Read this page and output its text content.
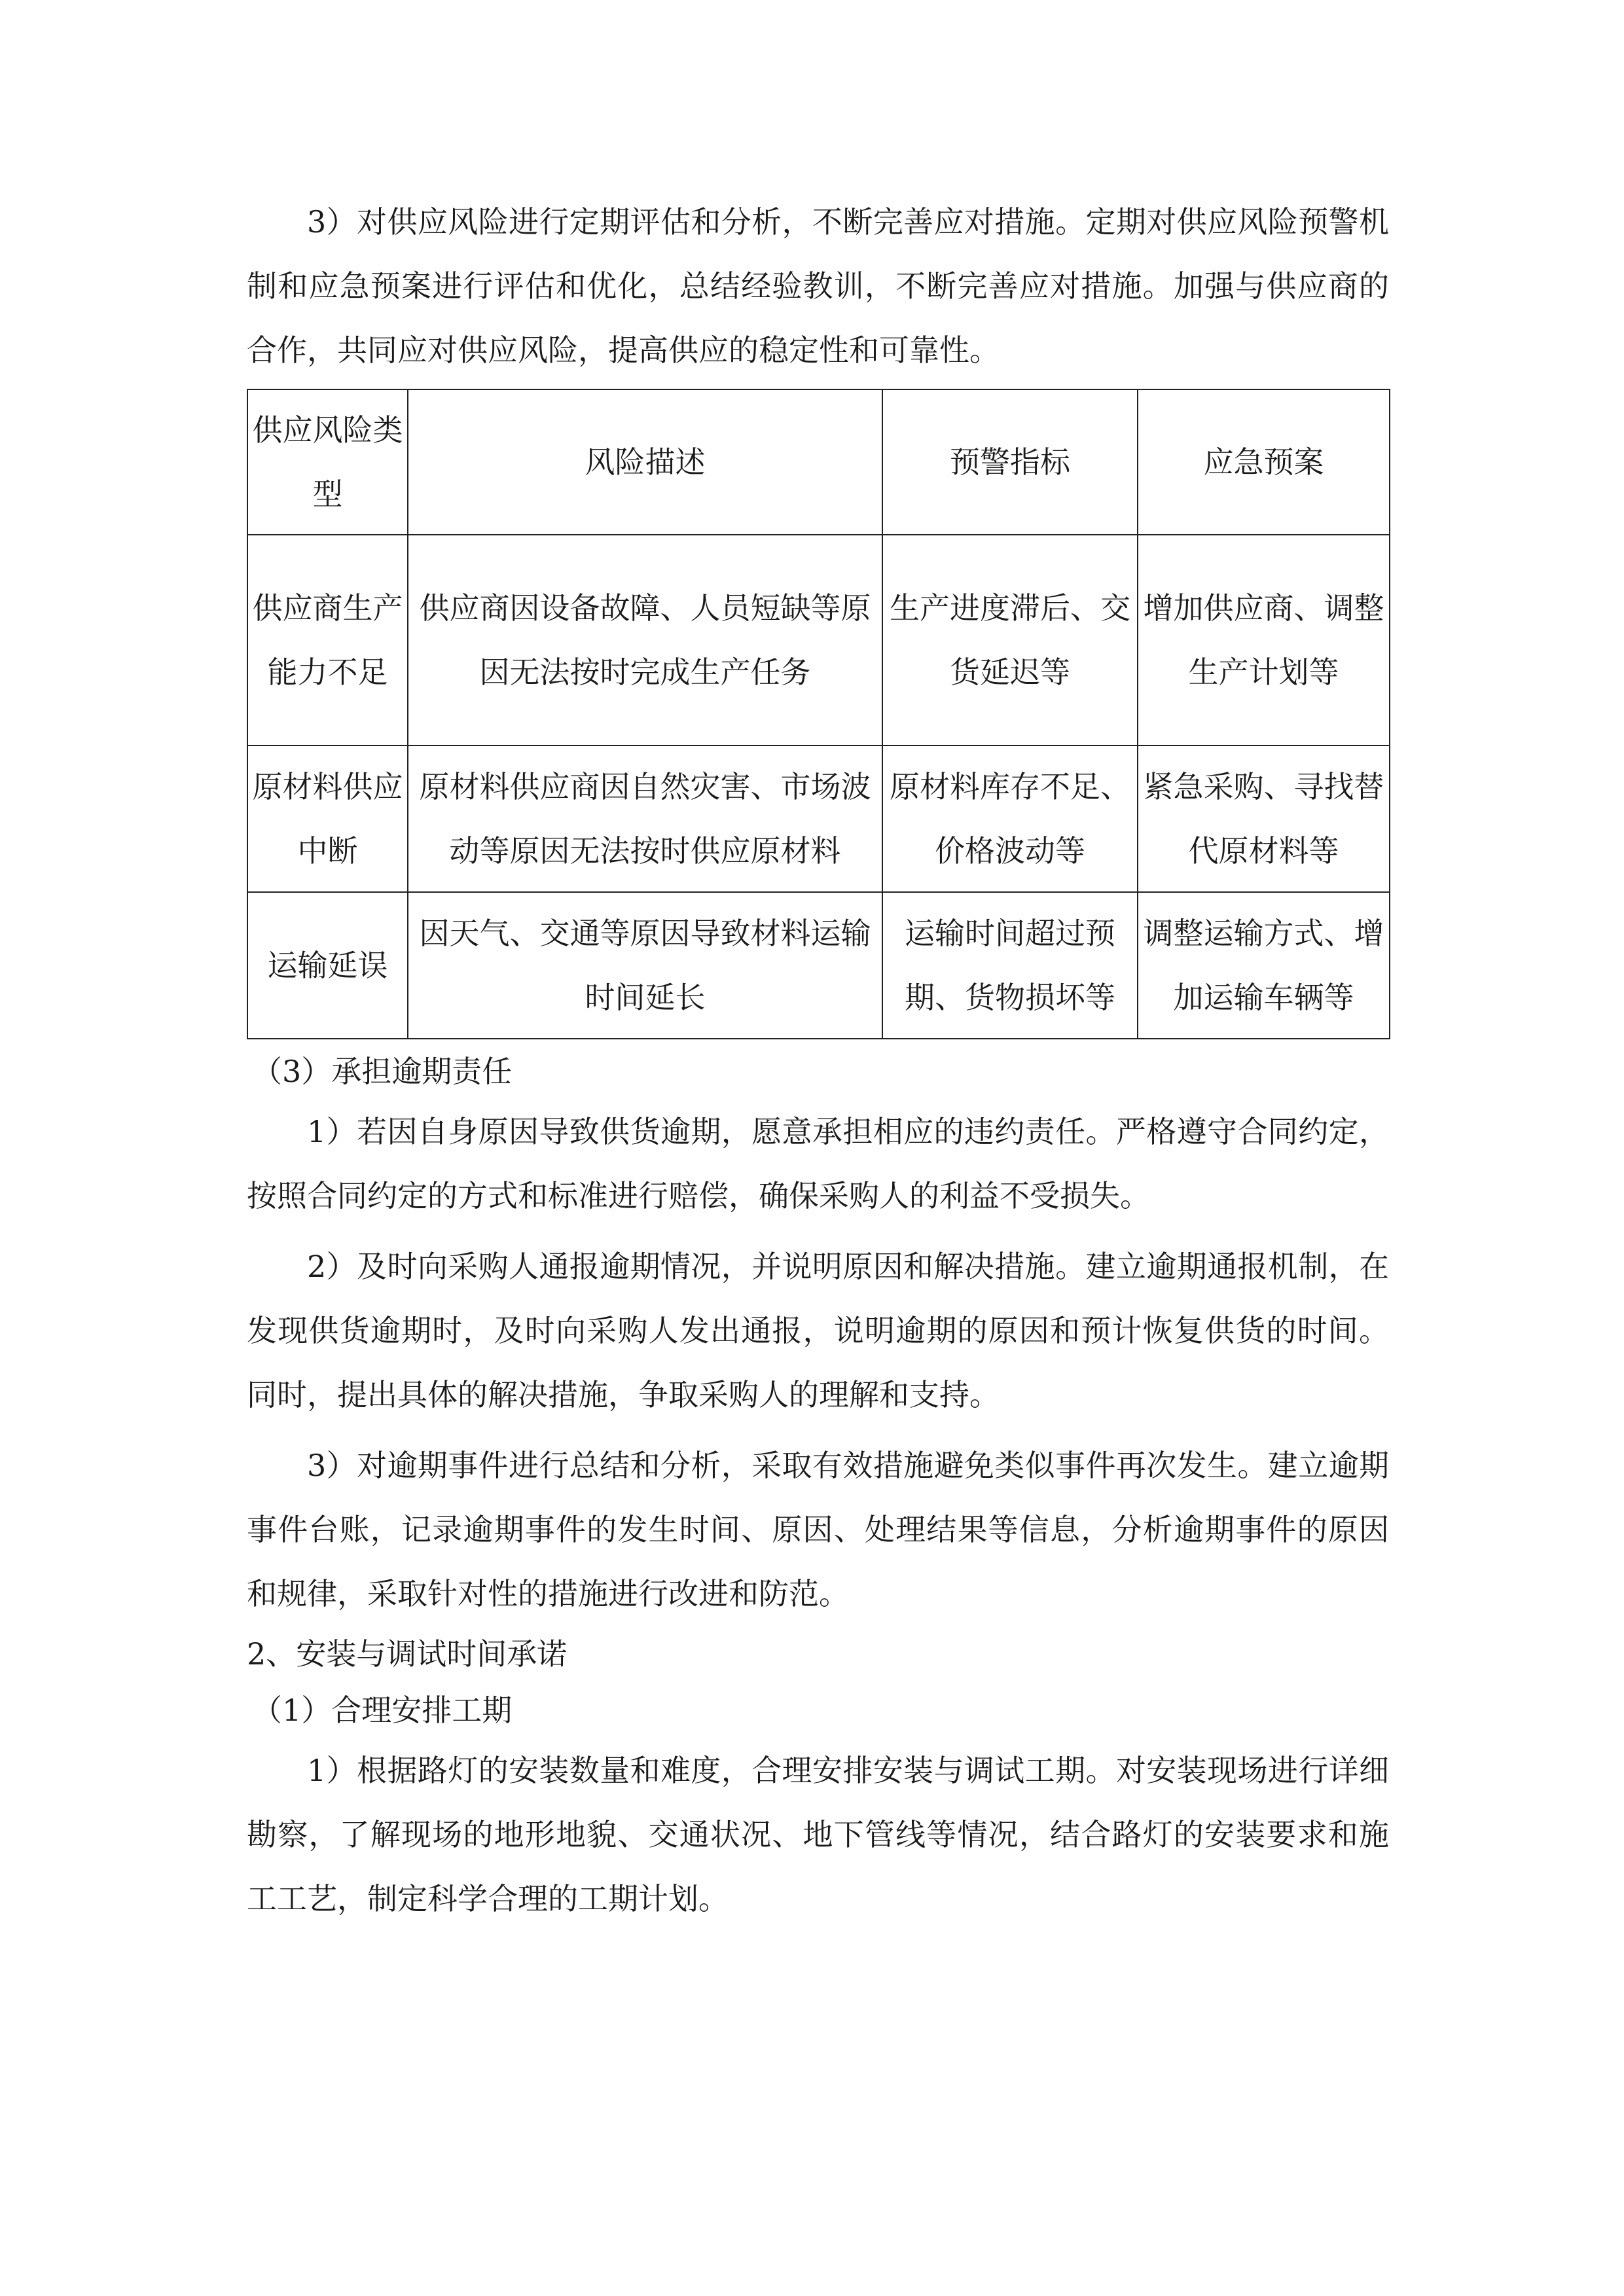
3）对供应风险进行定期评估和分析，不断完善应对措施。定期对供应风险预警机制和应急预案进行评估和优化，总结经验教训，不断完善应对措施。加强与供应商的合作，共同应对供应风险，提高供应的稳定性和可靠性。

供应风险类型	风险描述	预警指标	应急预案
供应商生产能力不足	供应商因设备故障、人员短缺等原因无法按时完成生产任务	生产进度滞后、交货延迟等	增加供应商、调整生产计划等
原材料供应中断	原材料供应商因自然灾害、市场波动等原因无法按时供应原材料	原材料库存不足、价格波动等	紧急采购、寻找替代原材料等
运输延误	因天气、交通等原因导致材料运输时间延长	运输时间超过预期、货物损坏等	调整运输方式、增加运输车辆等

（3）承担逾期责任

1）若因自身原因导致供货逾期，愿意承担相应的违约责任。严格遵守合同约定，按照合同约定的方式和标准进行赔偿，确保采购人的利益不受损失。

2）及时向采购人通报逾期情况，并说明原因和解决措施。建立逾期通报机制，在发现供货逾期时，及时向采购人发出通报，说明逾期的原因和预计恢复供货的时间。同时，提出具体的解决措施，争取采购人的理解和支持。

3）对逾期事件进行总结和分析，采取有效措施避免类似事件再次发生。建立逾期事件台账，记录逾期事件的发生时间、原因、处理结果等信息，分析逾期事件的原因和规律，采取针对性的措施进行改进和防范。

2、安装与调试时间承诺

（1）合理安排工期

1）根据路灯的安装数量和难度，合理安排安装与调试工期。对安装现场进行详细勘察，了解现场的地形地貌、交通状况、地下管线等情况，结合路灯的安装要求和施工工艺，制定科学合理的工期计划。
